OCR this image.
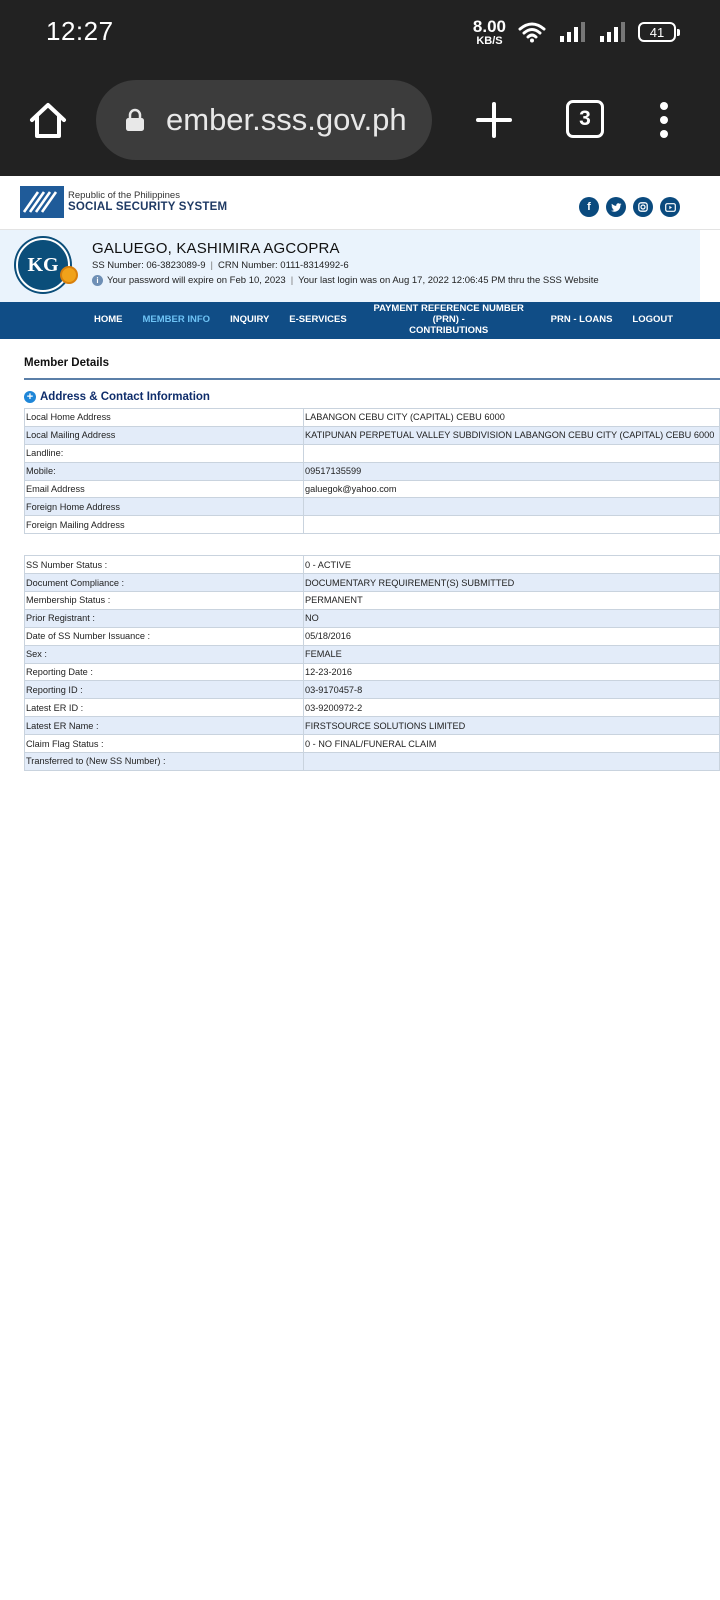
12:27	8.00
KB/S
41
ember.sss.gov.ph	3
Republic of the Philippines
SOCIAL SECURITY SYSTEM	f
KG
GALUEGO, KASHIMIRA AGCOPRA
SS Number: 06-3823089-9 | CRN Number: 0111-8314992-6
i Your password will expire on Feb 10, 2023 | Your last login was on Aug 17, 2022 12:06:45 PM thru the SSS Website
HOME MEMBER INFO INQUIRY E-SERVICES
PAYMENT REFERENCE NUMBER (PRN) -
CONTRIBUTIONS
PRN - LOANS LOGOUT
Member Details
+ Address & Contact Information
Local Home Address	LABANGON CEBU CITY (CAPITAL) CEBU 6000
Local Mailing Address	KATIPUNAN PERPETUAL VALLEY SUBDIVISION LABANGON CEBU CITY (CAPITAL) CEBU 6000
Landline:	
Mobile:	09517135599
Email Address	galuegok@yahoo.com
Foreign Home Address	
Foreign Mailing Address	
SS Number Status :	0 - ACTIVE
Document Compliance :	DOCUMENTARY REQUIREMENT(S) SUBMITTED
Membership Status :	PERMANENT
Prior Registrant :	NO
Date of SS Number Issuance :	05/18/2016
Sex :	FEMALE
Reporting Date :	12-23-2016
Reporting ID :	03-9170457-8
Latest ER ID :	03-9200972-2
Latest ER Name :	FIRSTSOURCE SOLUTIONS LIMITED
Claim Flag Status :	0 - NO FINAL/FUNERAL CLAIM
Transferred to (New SS Number) :	
